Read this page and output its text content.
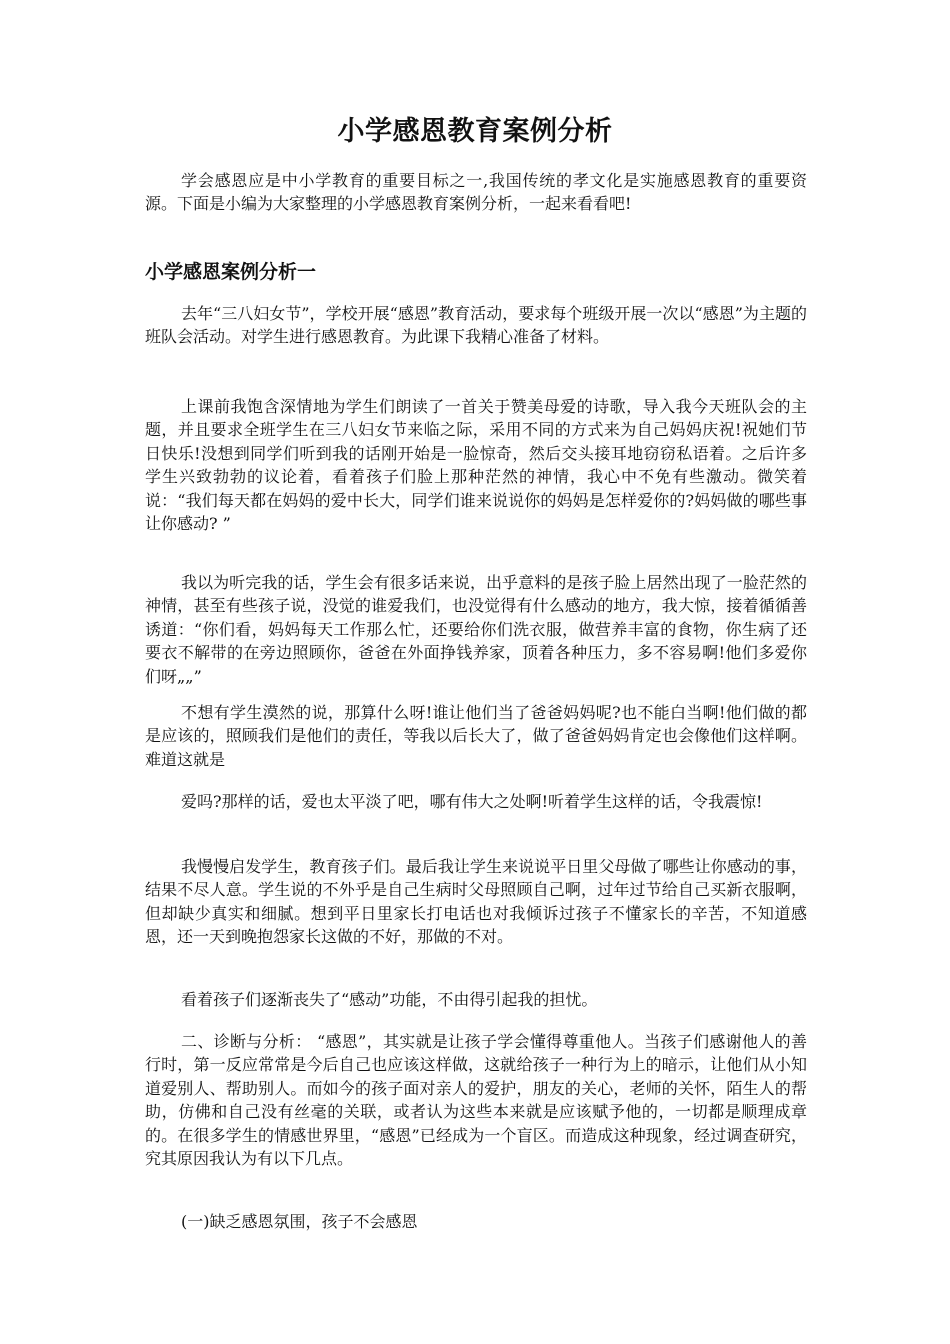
小学感恩教育案例分析

学会感恩应是中小学教育的重要目标之一,我国传统的孝文化是实施感恩教育的重要资源。下面是小编为大家整理的小学感恩教育案例分析，一起来看看吧!

小学感恩案例分析一

去年“三八妇女节”，学校开展“感恩”教育活动，要求每个班级开展一次以“感恩”为主题的班队会活动。对学生进行感恩教育。为此课下我精心准备了材料。

上课前我饱含深情地为学生们朗读了一首关于赞美母爱的诗歌，导入我今天班队会的主题，并且要求全班学生在三八妇女节来临之际，采用不同的方式来为自己妈妈庆祝!祝她们节日快乐!没想到同学们听到我的话刚开始是一脸惊奇，然后交头接耳地窃窃私语着。之后许多学生兴致勃勃的议论着，看着孩子们脸上那种茫然的神情，我心中不免有些激动。微笑着说：“我们每天都在妈妈的爱中长大，同学们谁来说说你的妈妈是怎样爱你的?妈妈做的哪些事让你感动? ”

我以为听完我的话，学生会有很多话来说，出乎意料的是孩子脸上居然出现了一脸茫然的神情，甚至有些孩子说，没觉的谁爱我们，也没觉得有什么感动的地方，我大惊，接着循循善诱道：“你们看，妈妈每天工作那么忙，还要给你们洗衣服，做营养丰富的食物，你生病了还要衣不解带的在旁边照顾你，爸爸在外面挣钱养家，顶着各种压力，多不容易啊!他们多爱你们呀„„”

不想有学生漠然的说，那算什么呀!谁让他们当了爸爸妈妈呢?也不能白当啊!他们做的都是应该的，照顾我们是他们的责任，等我以后长大了，做了爸爸妈妈肯定也会像他们这样啊。难道这就是

爱吗?那样的话，爱也太平淡了吧，哪有伟大之处啊!听着学生这样的话，令我震惊!

我慢慢启发学生，教育孩子们。最后我让学生来说说平日里父母做了哪些让你感动的事，结果不尽人意。学生说的不外乎是自己生病时父母照顾自己啊，过年过节给自己买新衣服啊，但却缺少真实和细腻。想到平日里家长打电话也对我倾诉过孩子不懂家长的辛苦，不知道感恩，还一天到晚抱怨家长这做的不好，那做的不对。

看着孩子们逐渐丧失了“感动”功能，不由得引起我的担忧。

二、诊断与分析： “感恩”，其实就是让孩子学会懂得尊重他人。当孩子们感谢他人的善行时，第一反应常常是今后自己也应该这样做，这就给孩子一种行为上的暗示，让他们从小知道爱别人、帮助别人。而如今的孩子面对亲人的爱护，朋友的关心，老师的关怀，陌生人的帮助，仿佛和自己没有丝毫的关联，或者认为这些本来就是应该赋予他的，一切都是顺理成章的。在很多学生的情感世界里，“感恩”已经成为一个盲区。而造成这种现象，经过调查研究，究其原因我认为有以下几点。

(一)缺乏感恩氛围，孩子不会感恩
